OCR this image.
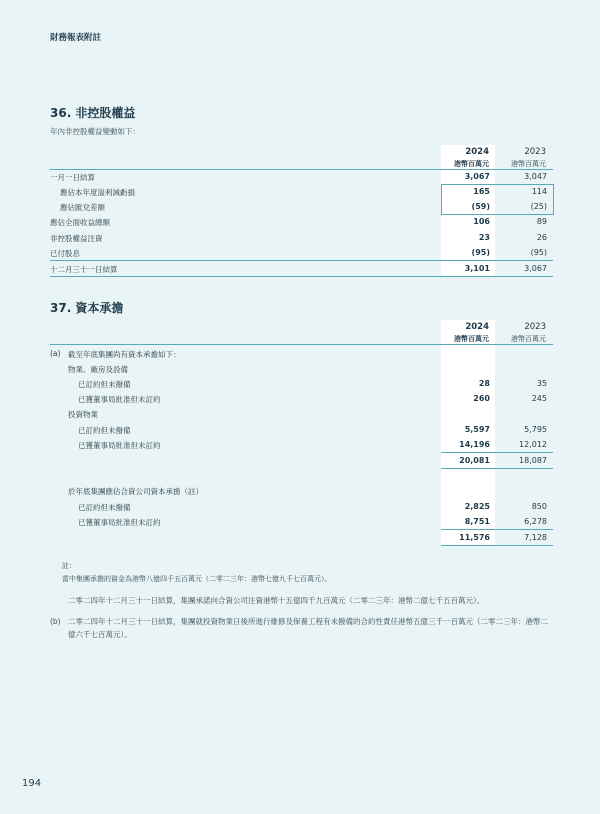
財務報表附註
36. 非控股權益
年內非控股權益變動如下：
2024	2023
港幣百萬元	港幣百萬元
一月一日結算	3,067	3,047
應佔本年度溢利減虧損	165	114
應佔匯兌差額	(59)	(25)
應佔全面收益總額	106	89
非控股權益注資	23	26
已付股息	(95)	(95)
十二月三十一日結算	3,101	3,067
37. 資本承擔
2024	2023
港幣百萬元	港幣百萬元
(a) 截至年底集團尚有資本承擔如下：
物業、廠房及設備
已訂約但未撥備	28	35
已獲董事局批准但未訂約	260	245
投資物業
已訂約但未撥備	5,597	5,795
已獲董事局批准但未訂約	14,196	12,012
20,081	18,087
於年底集團應佔合資公司資本承擔（註）
已訂約但未撥備	2,825	850
已獲董事局批准但未訂約	8,751	6,278
11,576	7,128
註：
當中集團承擔的資金為港幣八億四千五百萬元（二零二三年：港幣七億九千七百萬元）。
二零二四年十二月三十一日結算，集團承諾向合資公司注資港幣十五億四千九百萬元（二零二三年：港幣二億七千五百萬元）。
(b) 二零二四年十二月三十一日結算，集團就投資物業日後所進行維修及保養工程有未撥備的合約性責任港幣五億三千一百萬元（二零二三年：港幣二億六千七百萬元）。
194
